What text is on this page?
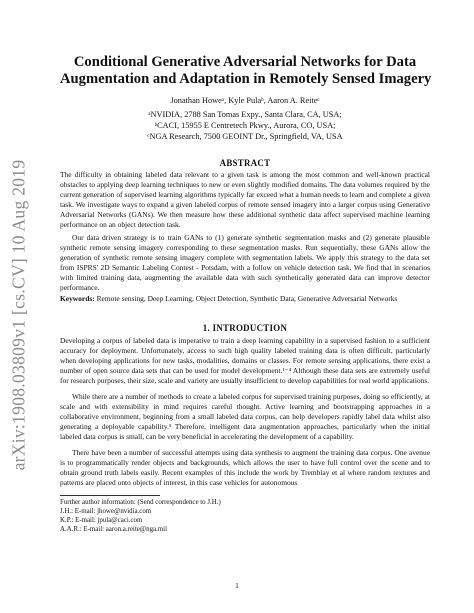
arXiv:1908.03809v1 [cs.CV] 10 Aug 2019
Conditional Generative Adversarial Networks for Data
Augmentation and Adaptation in Remotely Sensed Imagery
Jonathan Howeᵃ, Kyle Pulaᵇ, Aaron A. Reiteᶜ
ᵃNVIDIA, 2788 San Tomas Expy., Santa Clara, CA, USA;
ᵇCACI, 15955 E Centretech Pkwy., Aurora, CO, USA;
ᶜNGA Research, 7500 GEOINT Dr., Springfield, VA, USA
ABSTRACT

The difficulty in obtaining labeled data relevant to a given task is among the most common and well-known practical obstacles to applying deep learning techniques to new or even slightly modified domains. The data volumes required by the current generation of supervised learning algorithms typically far exceed what a human needs to learn and complete a given task. We investigate ways to expand a given labeled corpus of remote sensed imagery into a larger corpus using Generative Adversarial Networks (GANs). We then measure how these additional synthetic data affect supervised machine learning performance on an object detection task.

Our data driven strategy is to train GANs to (1) generate synthetic segmentation masks and (2) generate plausible synthetic remote sensing imagery corresponding to these segmentation masks. Run sequentially, these GANs allow the generation of synthetic remote sensing imagery complete with segmentation labels. We apply this strategy to the data set from ISPRS' 2D Semantic Labeling Contest - Potsdam, with a follow on vehicle detection task. We find that in scenarios with limited training data, augmenting the available data with such synthetically generated data can improve detector performance.

Keywords: Remote sensing, Deep Learning, Object Detection, Synthetic Data, Generative Adversarial Networks

1. INTRODUCTION

Developing a corpus of labeled data is imperative to train a deep learning capability in a supervised fashion to a sufficient accuracy for deployment. Unfortunately, access to such high quality labeled training data is often difficult, particularly when developing applications for new tasks, modalities, domains or classes. For remote sensing applications, there exist a number of open source data sets that can be used for model development.¹⁻⁴ Although these data sets are extremely useful for research purposes, their size, scale and variety are usually insufficient to develop capabilities for real world applications.

While there are a number of methods to create a labeled corpus for supervised training purposes, doing so efficiently, at scale and with extensibility in mind requires careful thought. Active learning and bootstrapping approaches in a collaborative environment, beginning from a small labeled data corpus, can help developers rapidly label data whilst also generating a deployable capability.⁵ Therefore, intelligent data augmentation approaches, particularly when the initial labeled data corpus is small, can be very beneficial in accelerating the development of a capability.

There have been a number of successful attempts using data synthesis to augment the training data corpus. One avenue is to programmatically render objects and backgrounds, which allows the user to have full control over the scene and to obtain ground truth labels easily. Recent examples of this include the work by Tremblay et al where random textures and patterns are placed onto objects of interest, in this case vehicles for autonomous

Further author information: (Send correspondence to J.H.)
J.H.: E-mail: jhowe@nvidia.com
K.P.: E-mail: jpula@caci.com
A.A.R.: E-mail: aaron.a.reite@nga.mil
1
